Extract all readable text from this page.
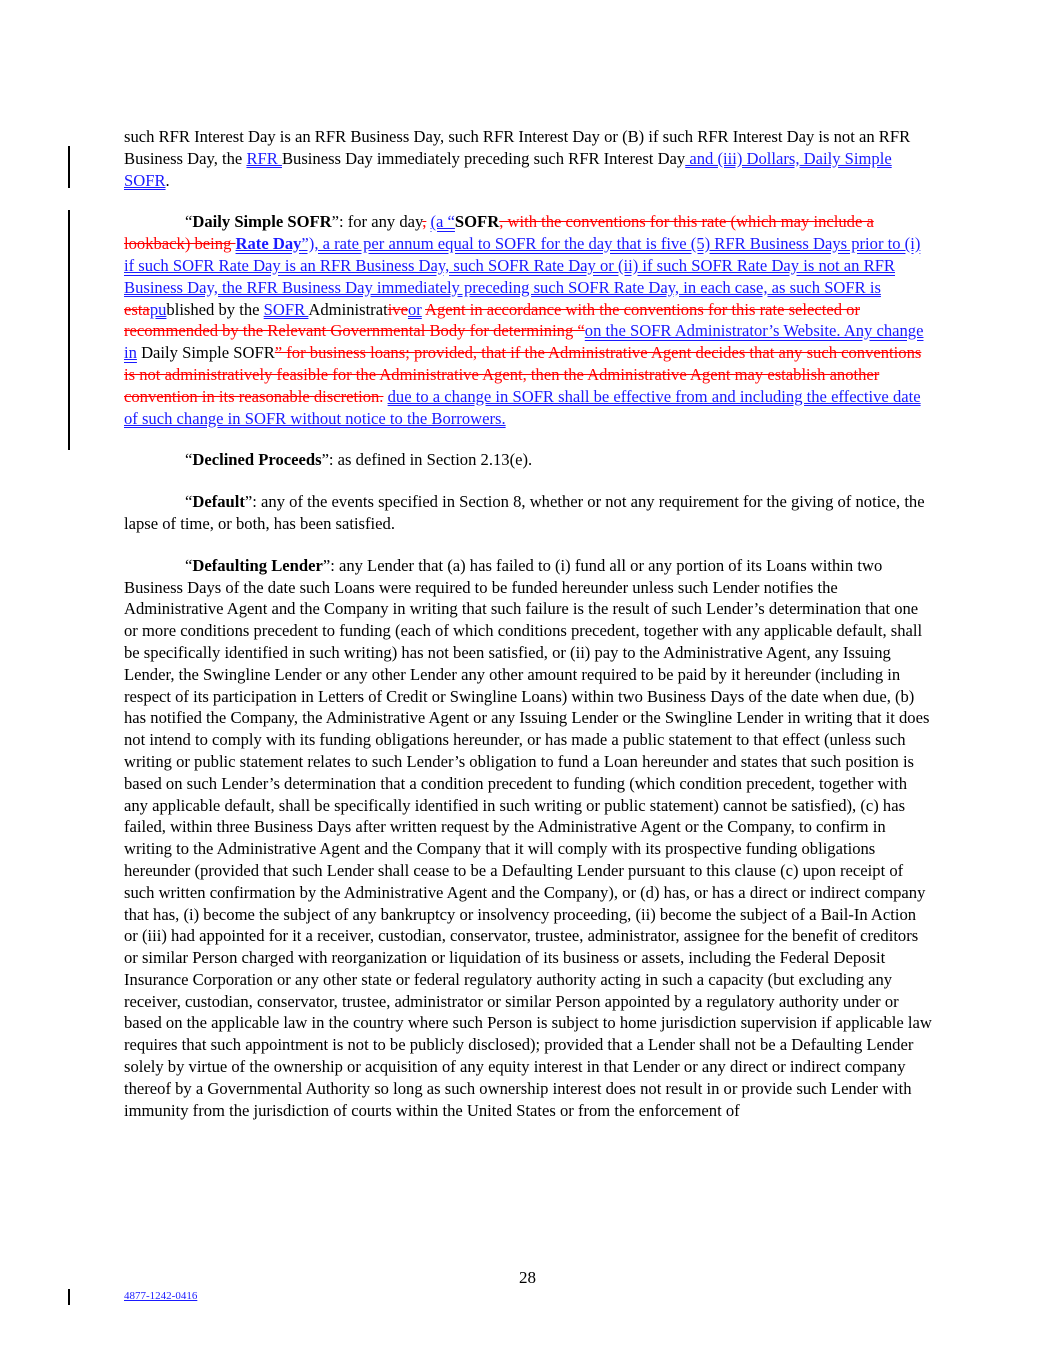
such RFR Interest Day is an RFR Business Day, such RFR Interest Day or (B) if such RFR Interest Day is not an RFR Business Day, the RFR Business Day immediately preceding such RFR Interest Day and (iii) Dollars, Daily Simple SOFR.

“Daily Simple SOFR”: for any day, (a “SOFR, with the conventions for this rate (which may include a lookback) being Rate Day”), a rate per annum equal to SOFR for the day that is five (5) RFR Business Days prior to (i) if such SOFR Rate Day is an RFR Business Day, such SOFR Rate Day or (ii) if such SOFR Rate Day is not an RFR Business Day, the RFR Business Day immediately preceding such SOFR Rate Day, in each case, as such SOFR is estapublished by the SOFR Administrativeor Agent in accordance with the conventions for this rate selected or recommended by the Relevant Governmental Body for determining “on the SOFR Administrator’s Website. Any change in Daily Simple SOFR” for business loans; provided, that if the Administrative Agent decides that any such conventions is not administratively feasible for the Administrative Agent, then the Administrative Agent may establish another convention in its reasonable discretion. due to a change in SOFR shall be effective from and including the effective date of such change in SOFR without notice to the Borrowers.

“Declined Proceeds”: as defined in Section 2.13(e).

“Default”: any of the events specified in Section 8, whether or not any requirement for the giving of notice, the lapse of time, or both, has been satisfied.

“Defaulting Lender”: any Lender that (a) has failed to (i) fund all or any portion of its Loans within two Business Days of the date such Loans were required to be funded hereunder unless such Lender notifies the Administrative Agent and the Company in writing that such failure is the result of such Lender’s determination that one or more conditions precedent to funding (each of which conditions precedent, together with any applicable default, shall be specifically identified in such writing) has not been satisfied, or (ii) pay to the Administrative Agent, any Issuing Lender, the Swingline Lender or any other Lender any other amount required to be paid by it hereunder (including in respect of its participation in Letters of Credit or Swingline Loans) within two Business Days of the date when due, (b) has notified the Company, the Administrative Agent or any Issuing Lender or the Swingline Lender in writing that it does not intend to comply with its funding obligations hereunder, or has made a public statement to that effect (unless such writing or public statement relates to such Lender’s obligation to fund a Loan hereunder and states that such position is based on such Lender’s determination that a condition precedent to funding (which condition precedent, together with any applicable default, shall be specifically identified in such writing or public statement) cannot be satisfied), (c) has failed, within three Business Days after written request by the Administrative Agent or the Company, to confirm in writing to the Administrative Agent and the Company that it will comply with its prospective funding obligations hereunder (provided that such Lender shall cease to be a Defaulting Lender pursuant to this clause (c) upon receipt of such written confirmation by the Administrative Agent and the Company), or (d) has, or has a direct or indirect company that has, (i) become the subject of any bankruptcy or insolvency proceeding, (ii) become the subject of a Bail-In Action or (iii) had appointed for it a receiver, custodian, conservator, trustee, administrator, assignee for the benefit of creditors or similar Person charged with reorganization or liquidation of its business or assets, including the Federal Deposit Insurance Corporation or any other state or federal regulatory authority acting in such a capacity (but excluding any receiver, custodian, conservator, trustee, administrator or similar Person appointed by a regulatory authority under or based on the applicable law in the country where such Person is subject to home jurisdiction supervision if applicable law requires that such appointment is not to be publicly disclosed); provided that a Lender shall not be a Defaulting Lender solely by virtue of the ownership or acquisition of any equity interest in that Lender or any direct or indirect company thereof by a Governmental Authority so long as such ownership interest does not result in or provide such Lender with immunity from the jurisdiction of courts within the United States or from the enforcement of

28
4877-1242-0416
